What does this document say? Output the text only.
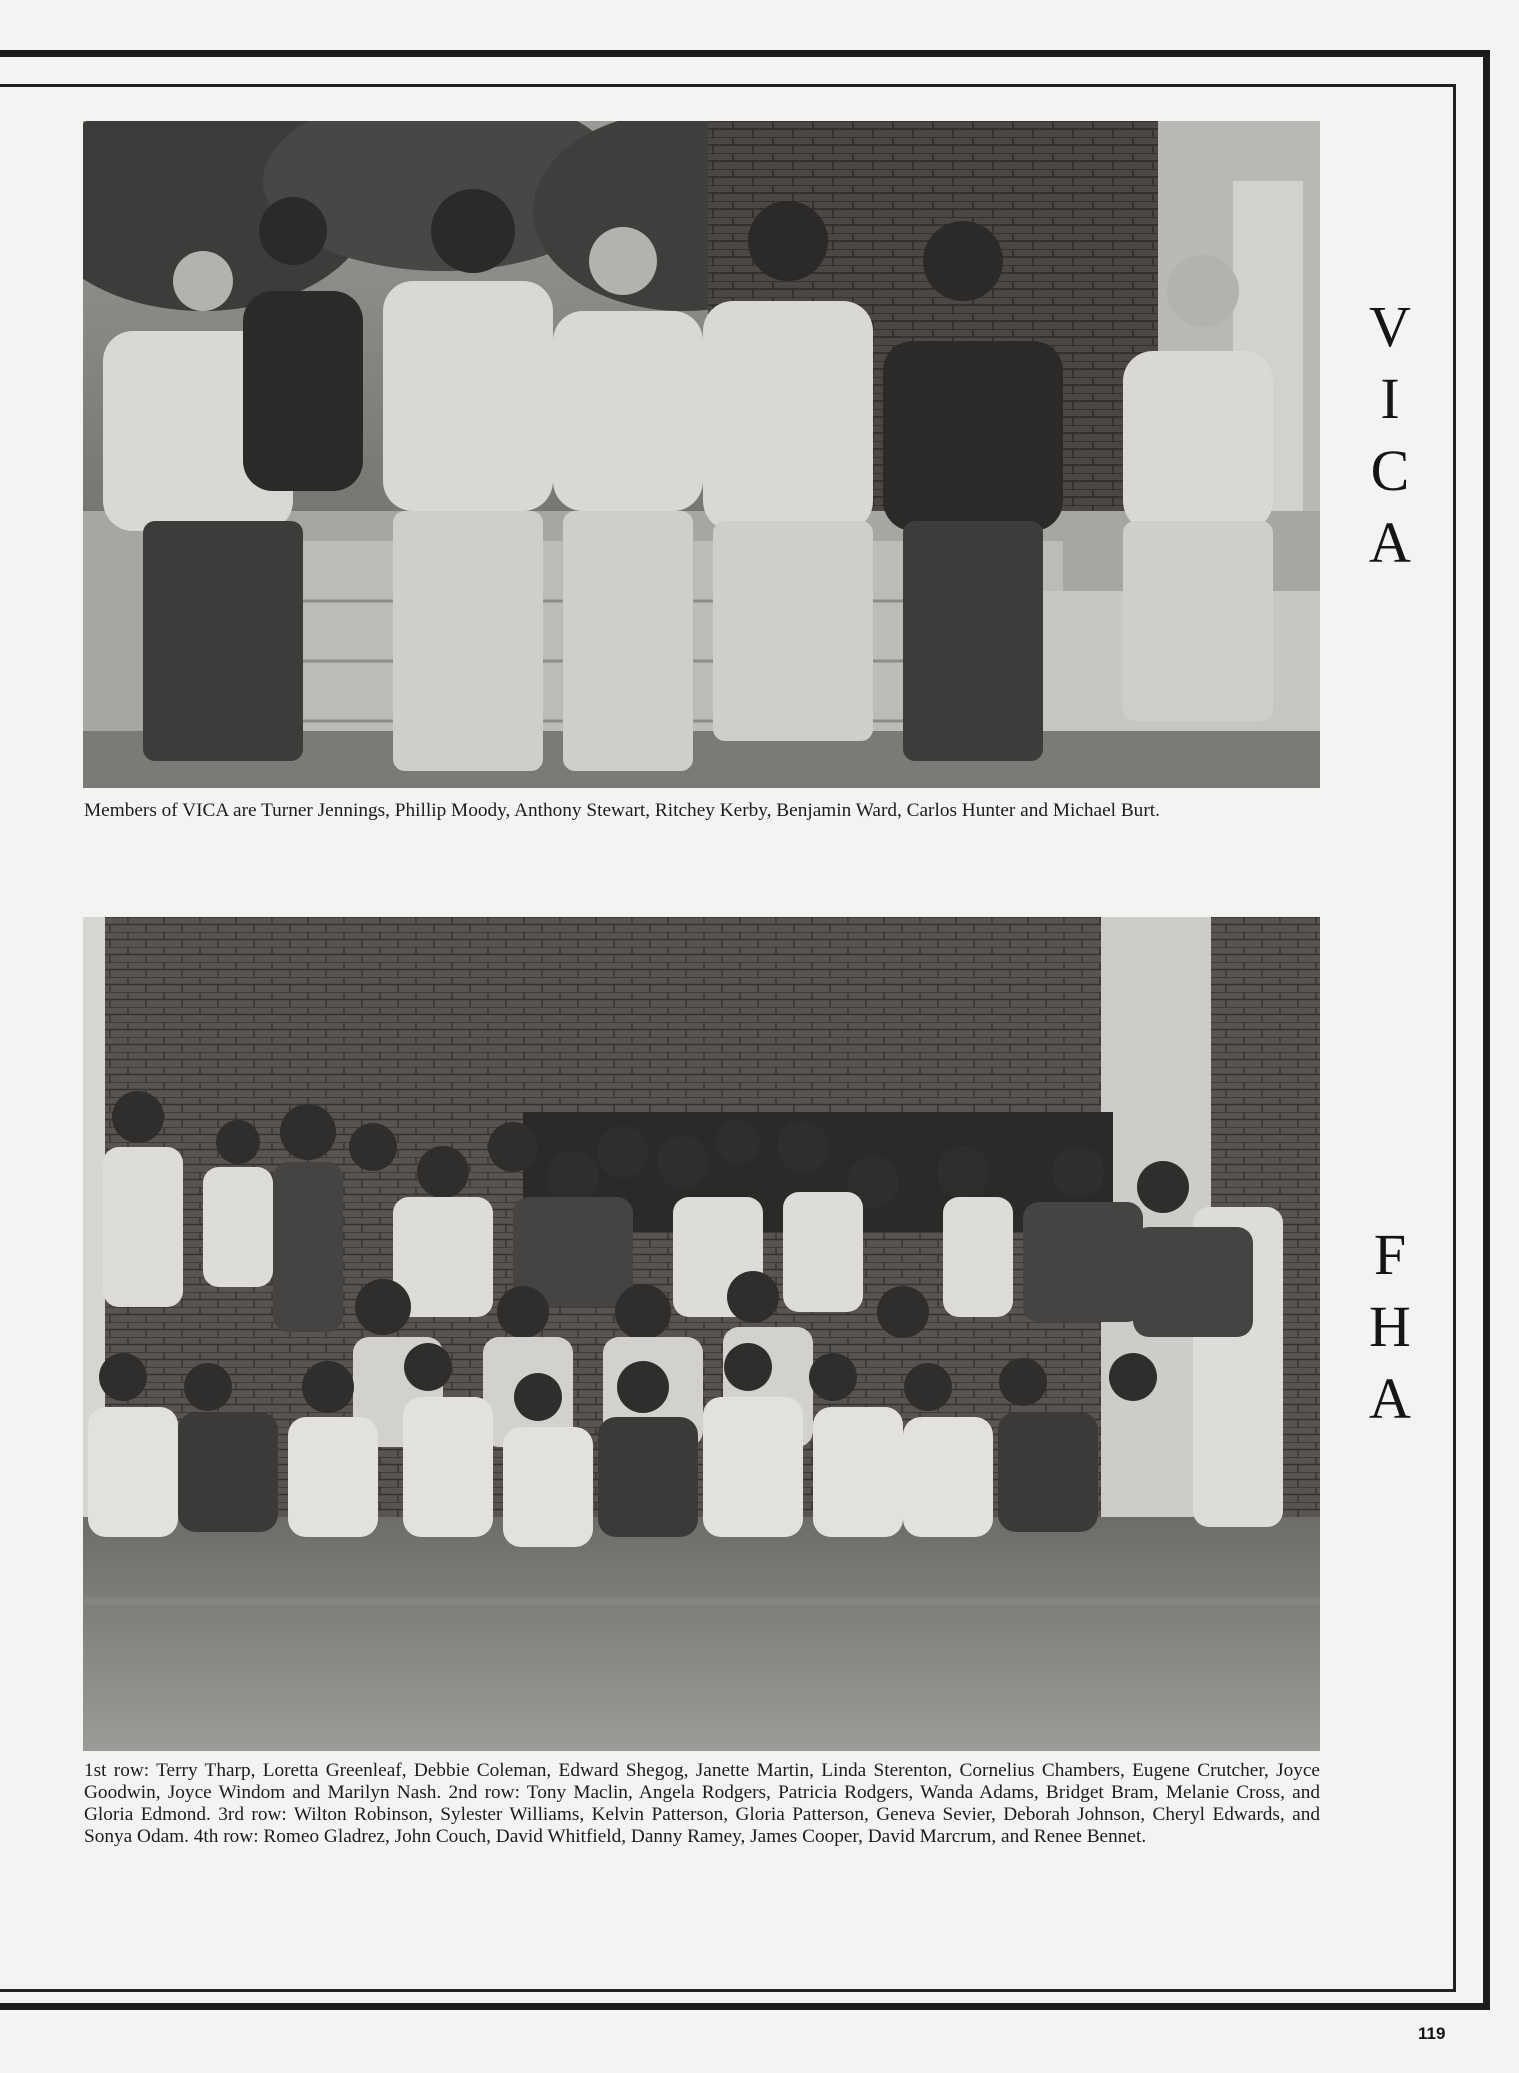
Members of VICA are Turner Jennings, Phillip Moody, Anthony Stewart, Ritchey Kerby, Benjamin Ward, Carlos Hunter and Michael Burt.
V
I
C
A
1st row: Terry Tharp, Loretta Greenleaf, Debbie Coleman, Edward Shegog, Janette Martin, Linda Sterenton, Cornelius Chambers, Eugene Crutcher, Joyce Goodwin, Joyce Windom and Marilyn Nash. 2nd row: Tony Maclin, Angela Rodgers, Patricia Rodgers, Wanda Adams, Bridget Bram, Melanie Cross, and Gloria Edmond. 3rd row: Wilton Robinson, Sylester Williams, Kelvin Patterson, Gloria Patterson, Geneva Sevier, Deborah Johnson, Cheryl Edwards, and Sonya Odam. 4th row: Romeo Gladrez, John Couch, David Whitfield, Danny Ramey, James Cooper, David Marcrum, and Renee Bennet.
F
H
A
119
